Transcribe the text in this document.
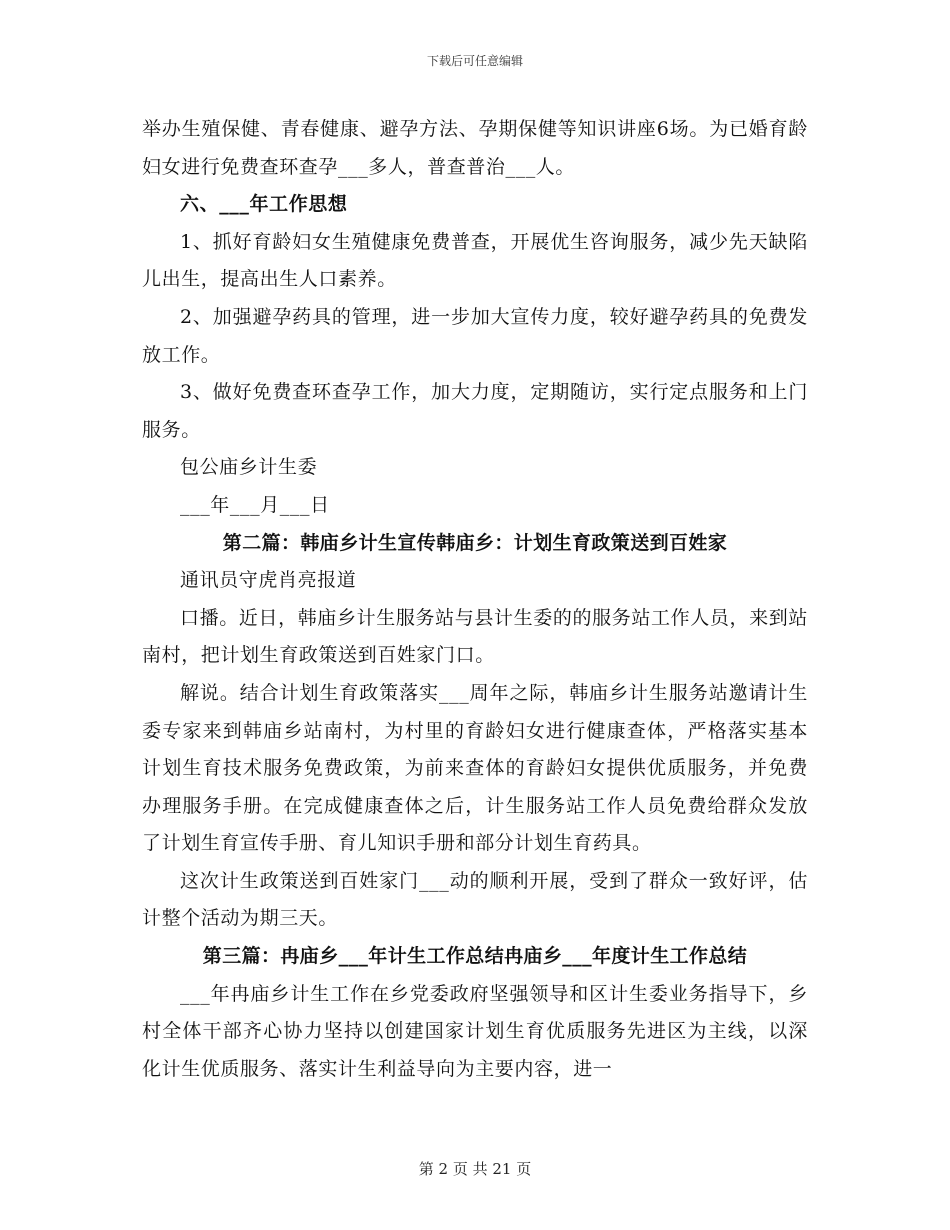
下载后可任意编辑

举办生殖保健、青春健康、避孕方法、孕期保健等知识讲座6场。为已婚育龄妇女进行免费查环查孕___多人，普查普治___人。

六、___年工作思想

1、抓好育龄妇女生殖健康免费普查，开展优生咨询服务，减少先天缺陷儿出生，提高出生人口素养。

2、加强避孕药具的管理，进一步加大宣传力度，较好避孕药具的免费发放工作。

3、做好免费查环查孕工作，加大力度，定期随访，实行定点服务和上门服务。

包公庙乡计生委

___年___月___日

第二篇：韩庙乡计生宣传韩庙乡：计划生育政策送到百姓家

通讯员守虎肖亮报道

口播。近日，韩庙乡计生服务站与县计生委的的服务站工作人员，来到站南村，把计划生育政策送到百姓家门口。

解说。结合计划生育政策落实___周年之际，韩庙乡计生服务站邀请计生委专家来到韩庙乡站南村，为村里的育龄妇女进行健康查体，严格落实基本计划生育技术服务免费政策，为前来查体的育龄妇女提供优质服务，并免费办理服务手册。在完成健康查体之后，计生服务站工作人员免费给群众发放了计划生育宣传手册、育儿知识手册和部分计划生育药具。

这次计生政策送到百姓家门___动的顺利开展，受到了群众一致好评，估计整个活动为期三天。

第三篇：冉庙乡___年计生工作总结冉庙乡___年度计生工作总结

___年冉庙乡计生工作在乡党委政府坚强领导和区计生委业务指导下，乡村全体干部齐心协力坚持以创建国家计划生育优质服务先进区为主线，以深化计生优质服务、落实计生利益导向为主要内容，进一

第 2 页 共 21 页
